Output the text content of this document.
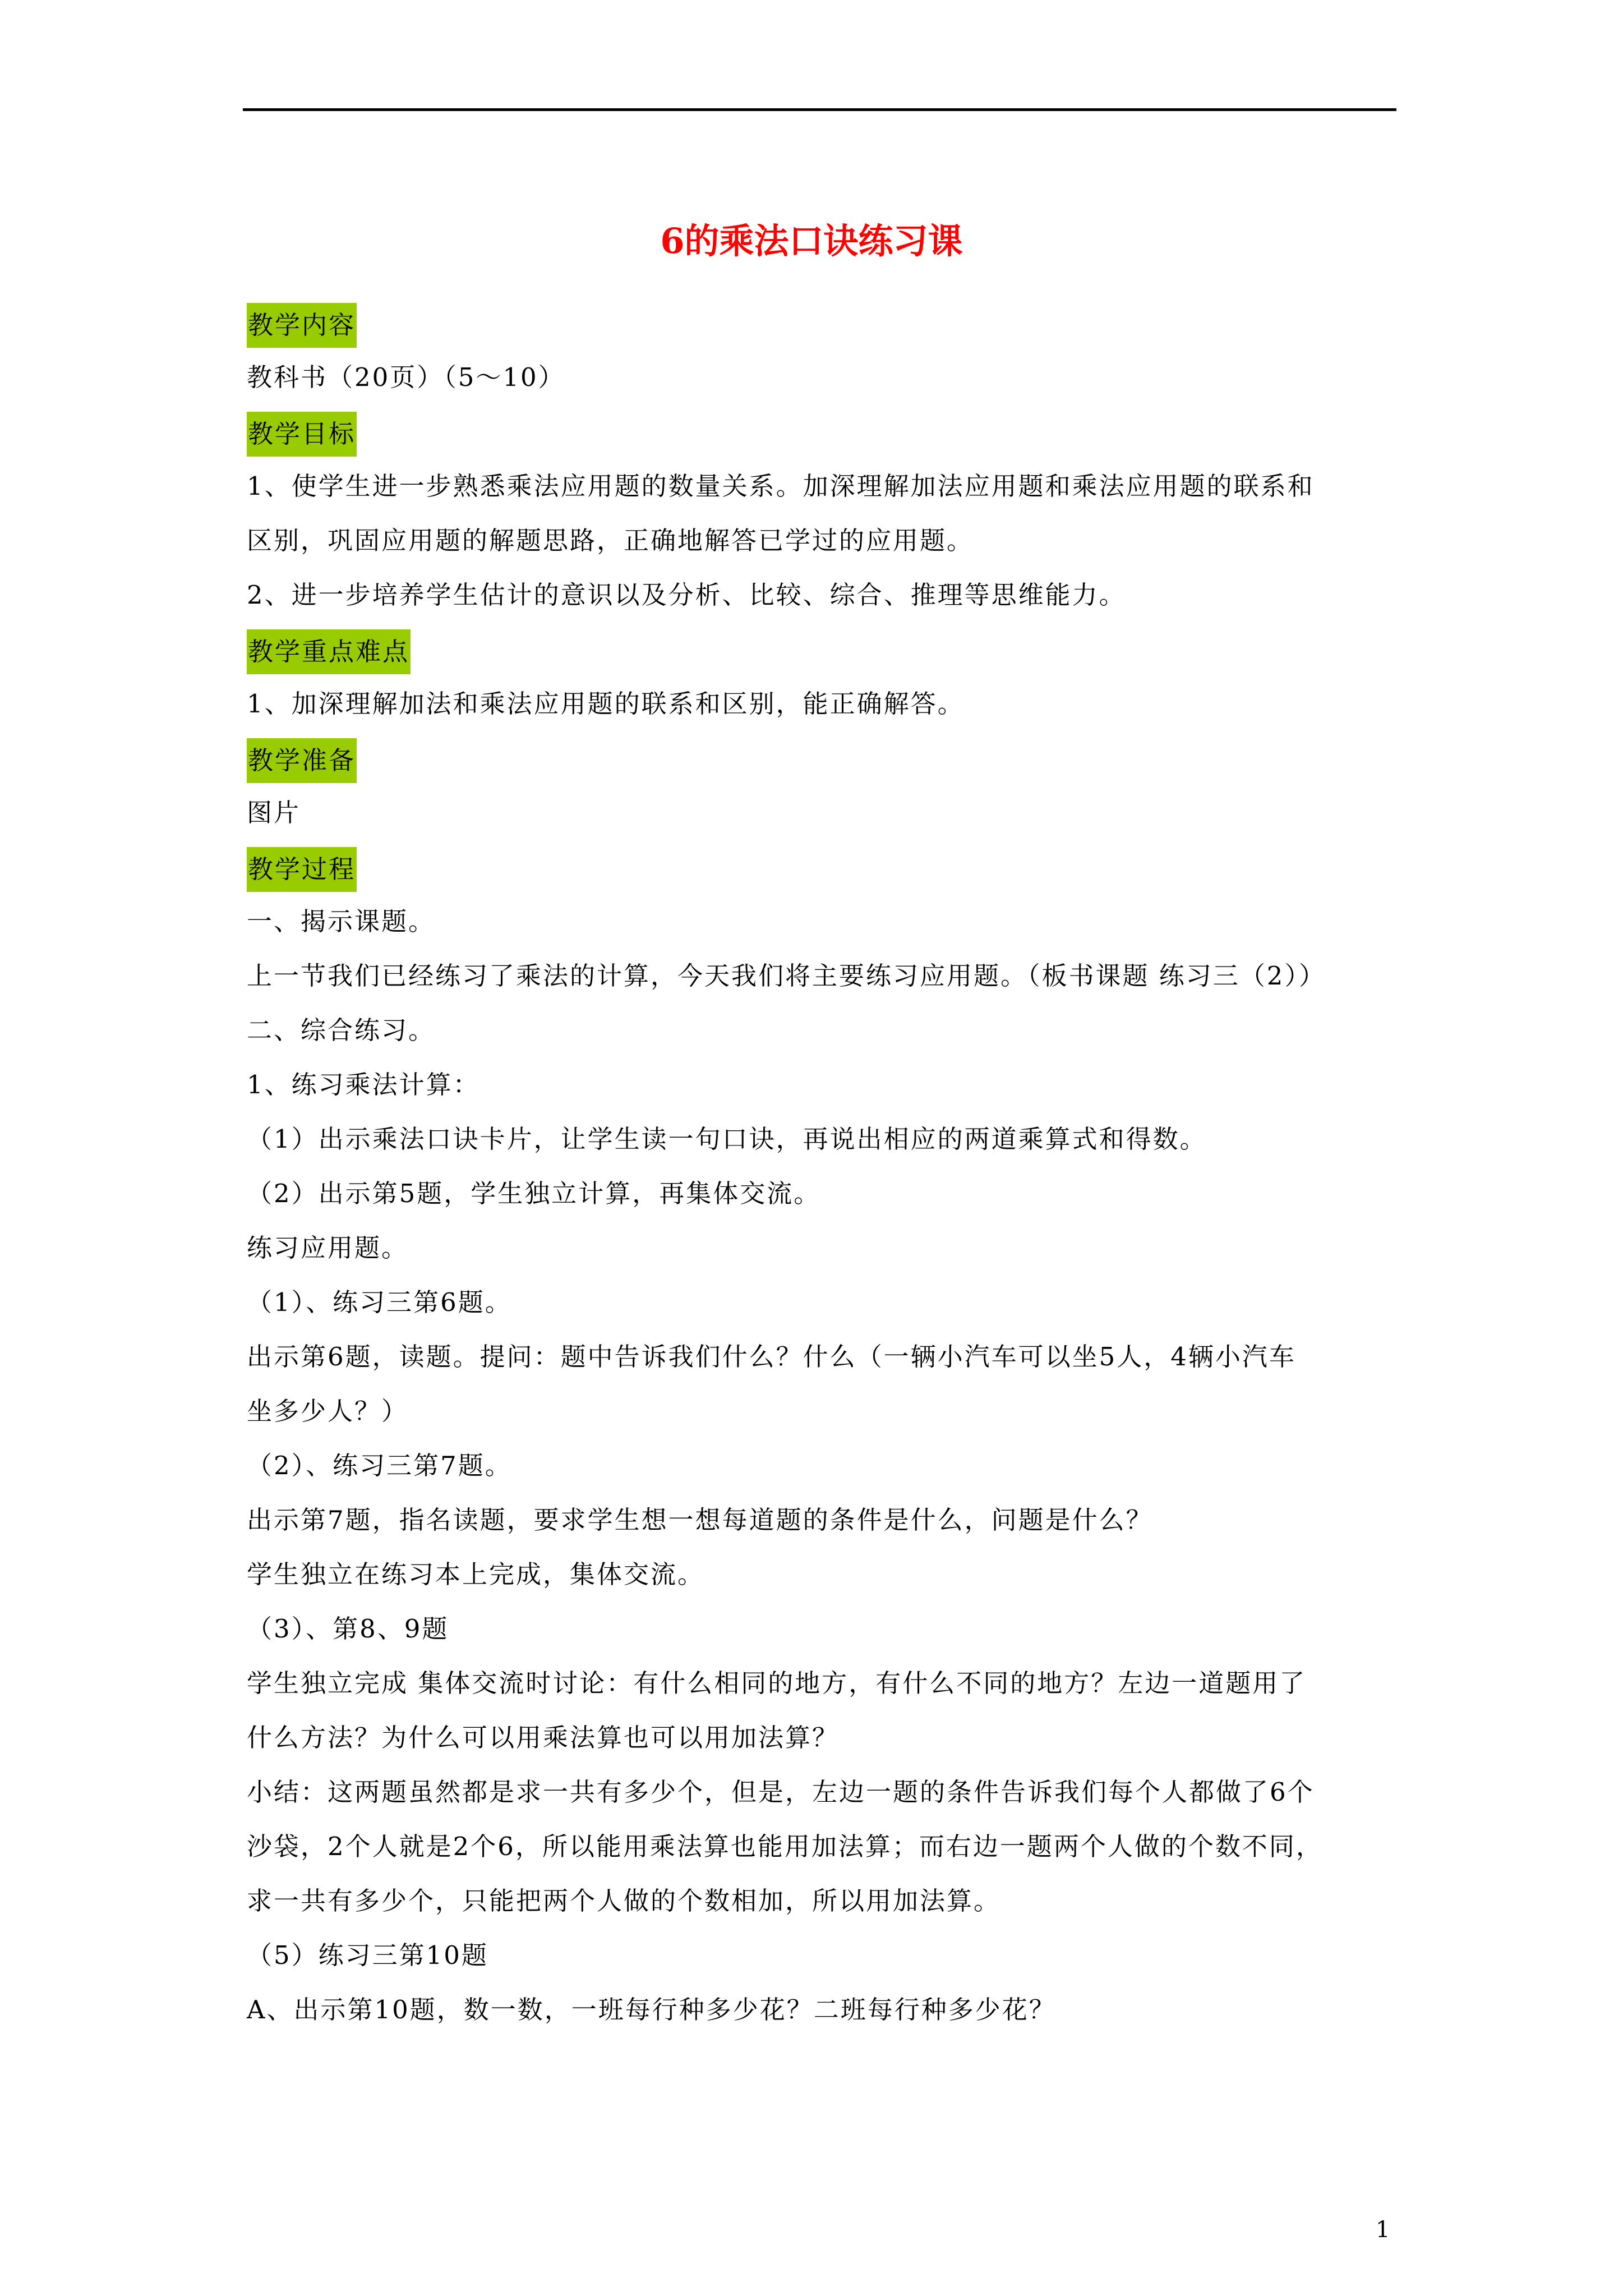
6的乘法口诀练习课
教学内容
教科书（20页）（5～10）
教学目标
1、使学生进一步熟悉乘法应用题的数量关系。加深理解加法应用题和乘法应用题的联系和
区别，巩固应用题的解题思路，正确地解答已学过的应用题。
2、进一步培养学生估计的意识以及分析、比较、综合、推理等思维能力。
教学重点难点
1、加深理解加法和乘法应用题的联系和区别，能正确解答。
教学准备
图片
教学过程
一、揭示课题。
上一节我们已经练习了乘法的计算，今天我们将主要练习应用题。（板书课题 练习三（2））
二、综合练习。
1、练习乘法计算：
（1）出示乘法口诀卡片，让学生读一句口诀，再说出相应的两道乘算式和得数。
（2）出示第5题，学生独立计算，再集体交流。
练习应用题。
（1）、练习三第6题。
出示第6题，读题。提问：题中告诉我们什么？什么（一辆小汽车可以坐5人，4辆小汽车
坐多少人？）
（2）、练习三第7题。
出示第7题，指名读题，要求学生想一想每道题的条件是什么，问题是什么？
学生独立在练习本上完成，集体交流。
（3）、第8、9题
学生独立完成 集体交流时讨论：有什么相同的地方，有什么不同的地方？左边一道题用了
什么方法？为什么可以用乘法算也可以用加法算？
小结：这两题虽然都是求一共有多少个，但是，左边一题的条件告诉我们每个人都做了6个
沙袋，2个人就是2个6，所以能用乘法算也能用加法算；而右边一题两个人做的个数不同，
求一共有多少个，只能把两个人做的个数相加，所以用加法算。
（5）练习三第10题
A、出示第10题，数一数，一班每行种多少花？二班每行种多少花？
1
